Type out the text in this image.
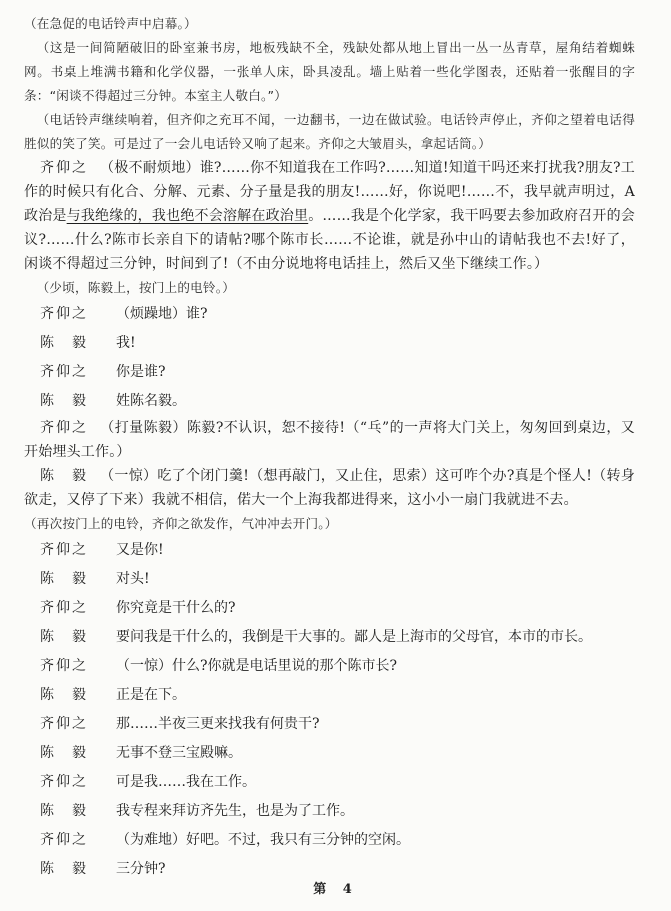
（在急促的电话铃声中启幕。）

（这是一间简陋破旧的卧室兼书房，地板残缺不全，残缺处都从地上冒出一丛一丛青草，屋角结着蜘蛛网。书桌上堆满书籍和化学仪器，一张单人床，卧具凌乱。墙上贴着一些化学图表，还贴着一张醒目的字条：“闲谈不得超过三分钟。本室主人敬白。”）

（电话铃声继续响着，但齐仰之充耳不闻，一边翻书，一边在做试验。电话铃声停止，齐仰之望着电话得胜似的笑了笑。可是过了一会儿电话铃又响了起来。齐仰之大皱眉头，拿起话筒。）

齐仰之 （极不耐烦地）谁?……你不知道我在工作吗?……知道!知道干吗还来打扰我?朋友?工作的时候只有化合、分解、元素、分子量是我的朋友!……好，你说吧!……不，我早就声明过，A政治是与我绝缘的，我也绝不会溶解在政治里。……我是个化学家，我干吗要去参加政府召开的会议?……什么?陈市长亲自下的请帖?哪个陈市长……不论谁，就是孙中山的请帖我也不去!好了，闲谈不得超过三分钟，时间到了!（不由分说地将电话挂上，然后又坐下继续工作。）

（少顷，陈毅上，按门上的电铃。）

齐仰之	（烦躁地）谁?
陈　毅	我!
齐仰之	你是谁?
陈　毅	姓陈名毅。

齐仰之 （打量陈毅）陈毅?不认识，恕不接待!（“乓”的一声将大门关上，匆匆回到桌边，又开始埋头工作。）

陈　毅 （一惊）吃了个闭门羹!（想再敲门，又止住，思索）这可咋个办?真是个怪人!（转身欲走，又停了下来）我就不相信，偌大一个上海我都进得来，这小小一扇门我就进不去。

（再次按门上的电铃，齐仰之欲发作，气冲冲去开门。）

齐仰之	又是你!
陈　毅	对头!
齐仰之	你究竟是干什么的?
陈　毅	要问我是干什么的，我倒是干大事的。鄙人是上海市的父母官，本市的市长。
齐仰之	（一惊）什么?你就是电话里说的那个陈市长?
陈　毅	正是在下。
齐仰之	那……半夜三更来找我有何贵干?
陈　毅	无事不登三宝殿嘛。
齐仰之	可是我……我在工作。
陈　毅	我专程来拜访齐先生，也是为了工作。
齐仰之	（为难地）好吧。不过，我只有三分钟的空闲。
陈　毅	三分钟?
第 4
